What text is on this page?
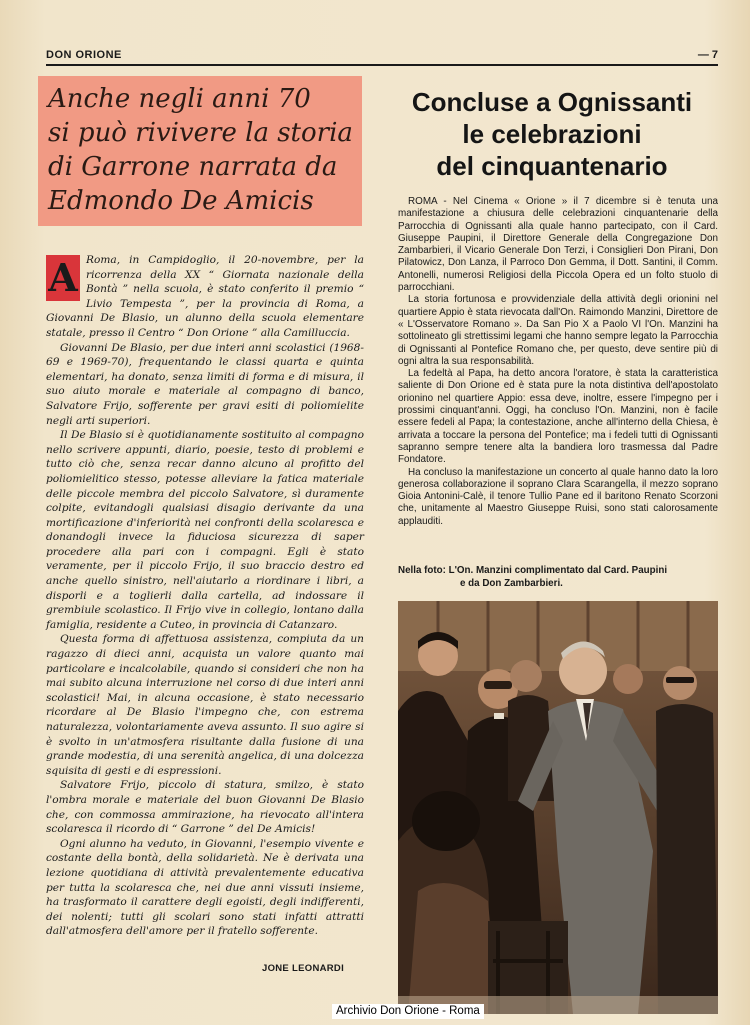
DON ORIONE	— 7
Anche negli anni 70
si può rivivere la storia
di Garrone narrata da
Edmondo De Amicis

A Roma, in Campidoglio, il 20-novembre, per la ricorrenza della XX “ Giornata nazionale della Bontà ” nella scuola, è stato conferito il premio “ Livio Tempesta ”, per la provincia di Roma, a Giovanni De Blasio, un alunno della scuola elementare statale, presso il Centro “ Don Orione ” alla Camilluccia.

Giovanni De Blasio, per due interi anni scolastici (1968-69 e 1969-70), frequentando le classi quarta e quinta elementari, ha donato, senza limiti di forma e di misura, il suo aiuto morale e materiale al compagno di banco, Salvatore Frijo, sofferente per gravi esiti di poliomielite negli arti superiori.

Il De Blasio si è quotidianamente sostituito al compagno nello scrivere appunti, diario, poesie, testo di problemi e tutto ciò che, senza recar danno alcuno al profitto del poliomielitico stesso, potesse alleviare la fatica materiale delle piccole membra del piccolo Salvatore, sì duramente colpite, evitandogli qualsiasi disagio derivante da una mortificazione d'inferiorità nei confronti della scolaresca e donandogli invece la fiduciosa sicurezza di saper procedere alla pari con i compagni. Egli è stato veramente, per il piccolo Frijo, il suo braccio destro ed anche quello sinistro, nell'aiutarlo a riordinare i libri, a disporli e a toglierli dalla cartella, ad indossare il grembiule scolastico. Il Frijo vive in collegio, lontano dalla famiglia, residente a Cuteo, in provincia di Catanzaro.

Questa forma di affettuosa assistenza, compiuta da un ragazzo di dieci anni, acquista un valore quanto mai particolare e incalcolabile, quando si consideri che non ha mai subito alcuna interruzione nel corso di due interi anni scolastici! Mai, in alcuna occasione, è stato necessario ricordare al De Blasio l'impegno che, con estrema naturalezza, volontariamente aveva assunto. Il suo agire si è svolto in un'atmosfera risultante dalla fusione di una grande modestia, di una serenità angelica, di una dolcezza squisita di gesti e di espressioni.

Salvatore Frijo, piccolo di statura, smilzo, è stato l'ombra morale e materiale del buon Giovanni De Blasio che, con commossa ammirazione, ha rievocato all'intera scolaresca il ricordo di “ Garrone ” del De Amicis!

Ogni alunno ha veduto, in Giovanni, l'esempio vivente e costante della bontà, della solidarietà. Ne è derivata una lezione quotidiana di attività prevalentemente educativa per tutta la scolaresca che, nei due anni vissuti insieme, ha trasformato il carattere degli egoisti, degli indifferenti, dei nolenti; tutti gli scolari sono stati infatti attratti dall'atmosfera dell'amore per il fratello sofferente.

JONE LEONARDI
Concluse a Ognissanti
le celebrazioni
del cinquantenario

ROMA - Nel Cinema « Orione » il 7 dicembre si è tenuta una manifestazione a chiusura delle celebrazioni cinquantenarie della Parrocchia di Ognissanti alla quale hanno partecipato, con il Card. Giuseppe Paupini, il Direttore Generale della Congregazione Don Zambarbieri, il Vicario Generale Don Terzi, i Consiglieri Don Pirani, Don Pilatowicz, Don Lanza, il Parroco Don Gemma, il Dott. Santini, il Comm. Antonelli, numerosi Religiosi della Piccola Opera ed un folto stuolo di parrocchiani.

La storia fortunosa e provvidenziale della attività degli orionini nel quartiere Appio è stata rievocata dall'On. Raimondo Manzini, Direttore de « L'Osservatore Romano ». Da San Pio X a Paolo VI l'On. Manzini ha sottolineato gli strettissimi legami che hanno sempre legato la Parrocchia di Ognissanti al Pontefice Romano che, per questo, deve sentire più di ogni altra la sua responsabilità.

La fedeltà al Papa, ha detto ancora l'oratore, è stata la caratteristica saliente di Don Orione ed è stata pure la nota distintiva dell'apostolato orionino nel quartiere Appio: essa deve, inoltre, essere l'impegno per i prossimi cinquant'anni. Oggi, ha concluso l'On. Manzini, non è facile essere fedeli al Papa; la contestazione, anche all'interno della Chiesa, è arrivata a toccare la persona del Pontefice; ma i fedeli tutti di Ognissanti sapranno sempre tenere alta la bandiera loro trasmessa dal Padre Fondatore.

Ha concluso la manifestazione un concerto al quale hanno dato la loro generosa collaborazione il soprano Clara Scarangella, il mezzo soprano Gioia Antonini-Calè, il tenore Tullio Pane ed il baritono Renato Scorzoni che, unitamente al Maestro Giuseppe Ruisi, sono stati calorosamente applauditi.

Nella foto: L'On. Manzini complimentato dal Card. Paupini
e da Don Zambarbieri.
Archivio Don Orione - Roma
